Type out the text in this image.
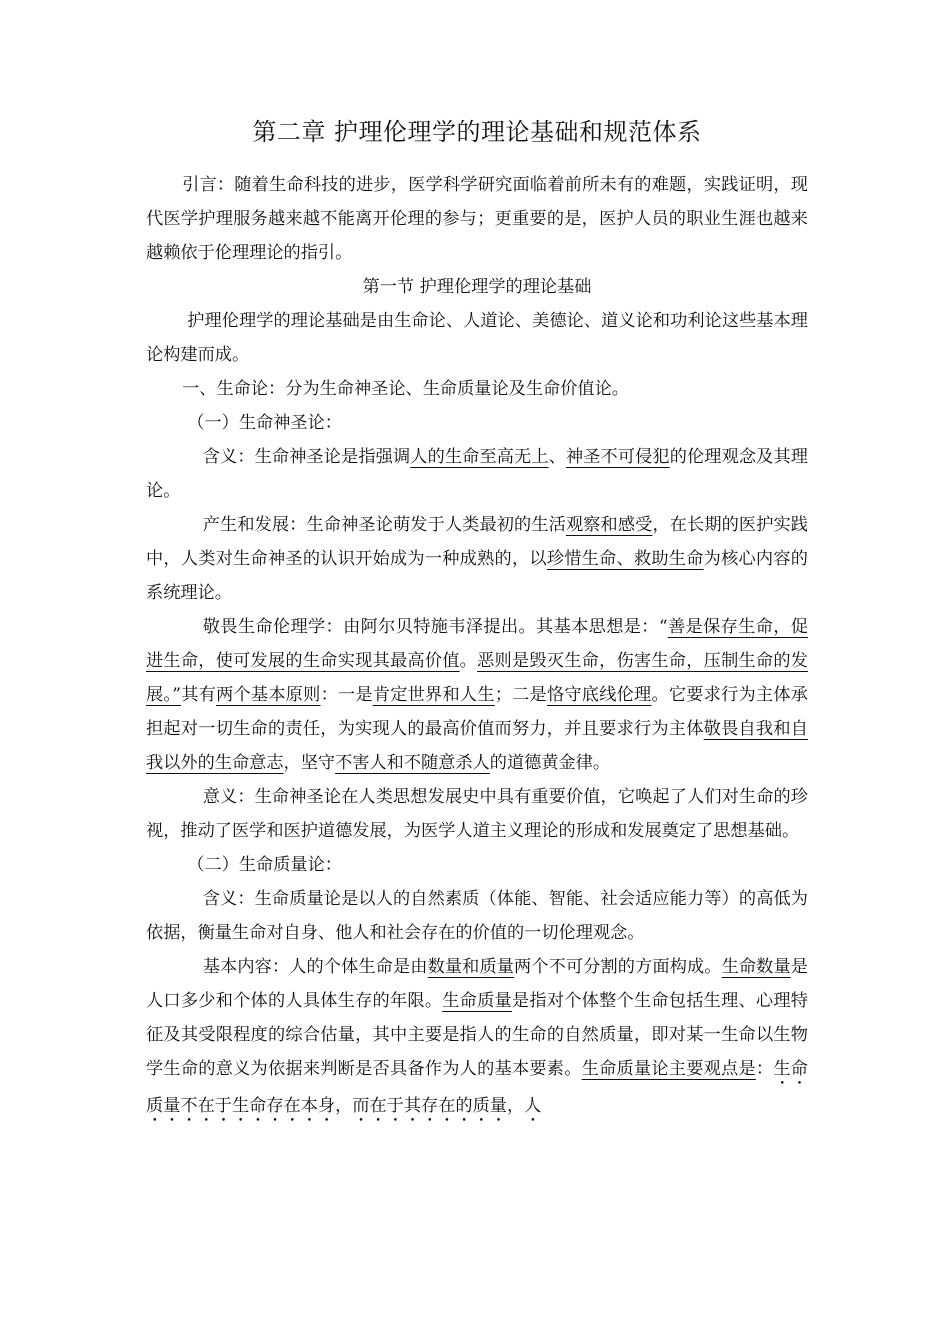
第二章 护理伦理学的理论基础和规范体系

引言：随着生命科技的进步，医学科学研究面临着前所未有的难题，实践证明，现代医学护理服务越来越不能离开伦理的参与；更重要的是，医护人员的职业生涯也越来越赖依于伦理理论的指引。

第一节 护理伦理学的理论基础

护理伦理学的理论基础是由生命论、人道论、美德论、道义论和功利论这些基本理论构建而成。

一、生命论：分为生命神圣论、生命质量论及生命价值论。

（一）生命神圣论：

含义：生命神圣论是指强调人的生命至高无上、神圣不可侵犯的伦理观念及其理论。

产生和发展：生命神圣论萌发于人类最初的生活观察和感受，在长期的医护实践中，人类对生命神圣的认识开始成为一种成熟的，以珍惜生命、救助生命为核心内容的系统理论。

敬畏生命伦理学：由阿尔贝特施韦泽提出。其基本思想是：“善是保存生命，促进生命，使可发展的生命实现其最高价值。恶则是毁灭生命，伤害生命，压制生命的发展。”其有两个基本原则：一是肯定世界和人生；二是恪守底线伦理。它要求行为主体承担起对一切生命的责任，为实现人的最高价值而努力，并且要求行为主体敬畏自我和自我以外的生命意志，坚守不害人和不随意杀人的道德黄金律。

意义：生命神圣论在人类思想发展史中具有重要价值，它唤起了人们对生命的珍视，推动了医学和医护道德发展，为医学人道主义理论的形成和发展奠定了思想基础。

（二）生命质量论：

含义：生命质量论是以人的自然素质（体能、智能、社会适应能力等）的高低为依据，衡量生命对自身、他人和社会存在的价值的一切伦理观念。

基本内容：人的个体生命是由数量和质量两个不可分割的方面构成。生命数量是人口多少和个体的人具体生存的年限。生命质量是指对个体整个生命包括生理、心理特征及其受限程度的综合估量，其中主要是指人的生命的自然质量，即对某一生命以生物学生命的意义为依据来判断是否具备作为人的基本要素。生命质量论主要观点是：生命质量不在于生命存在本身，而在于其存在的质量，人
